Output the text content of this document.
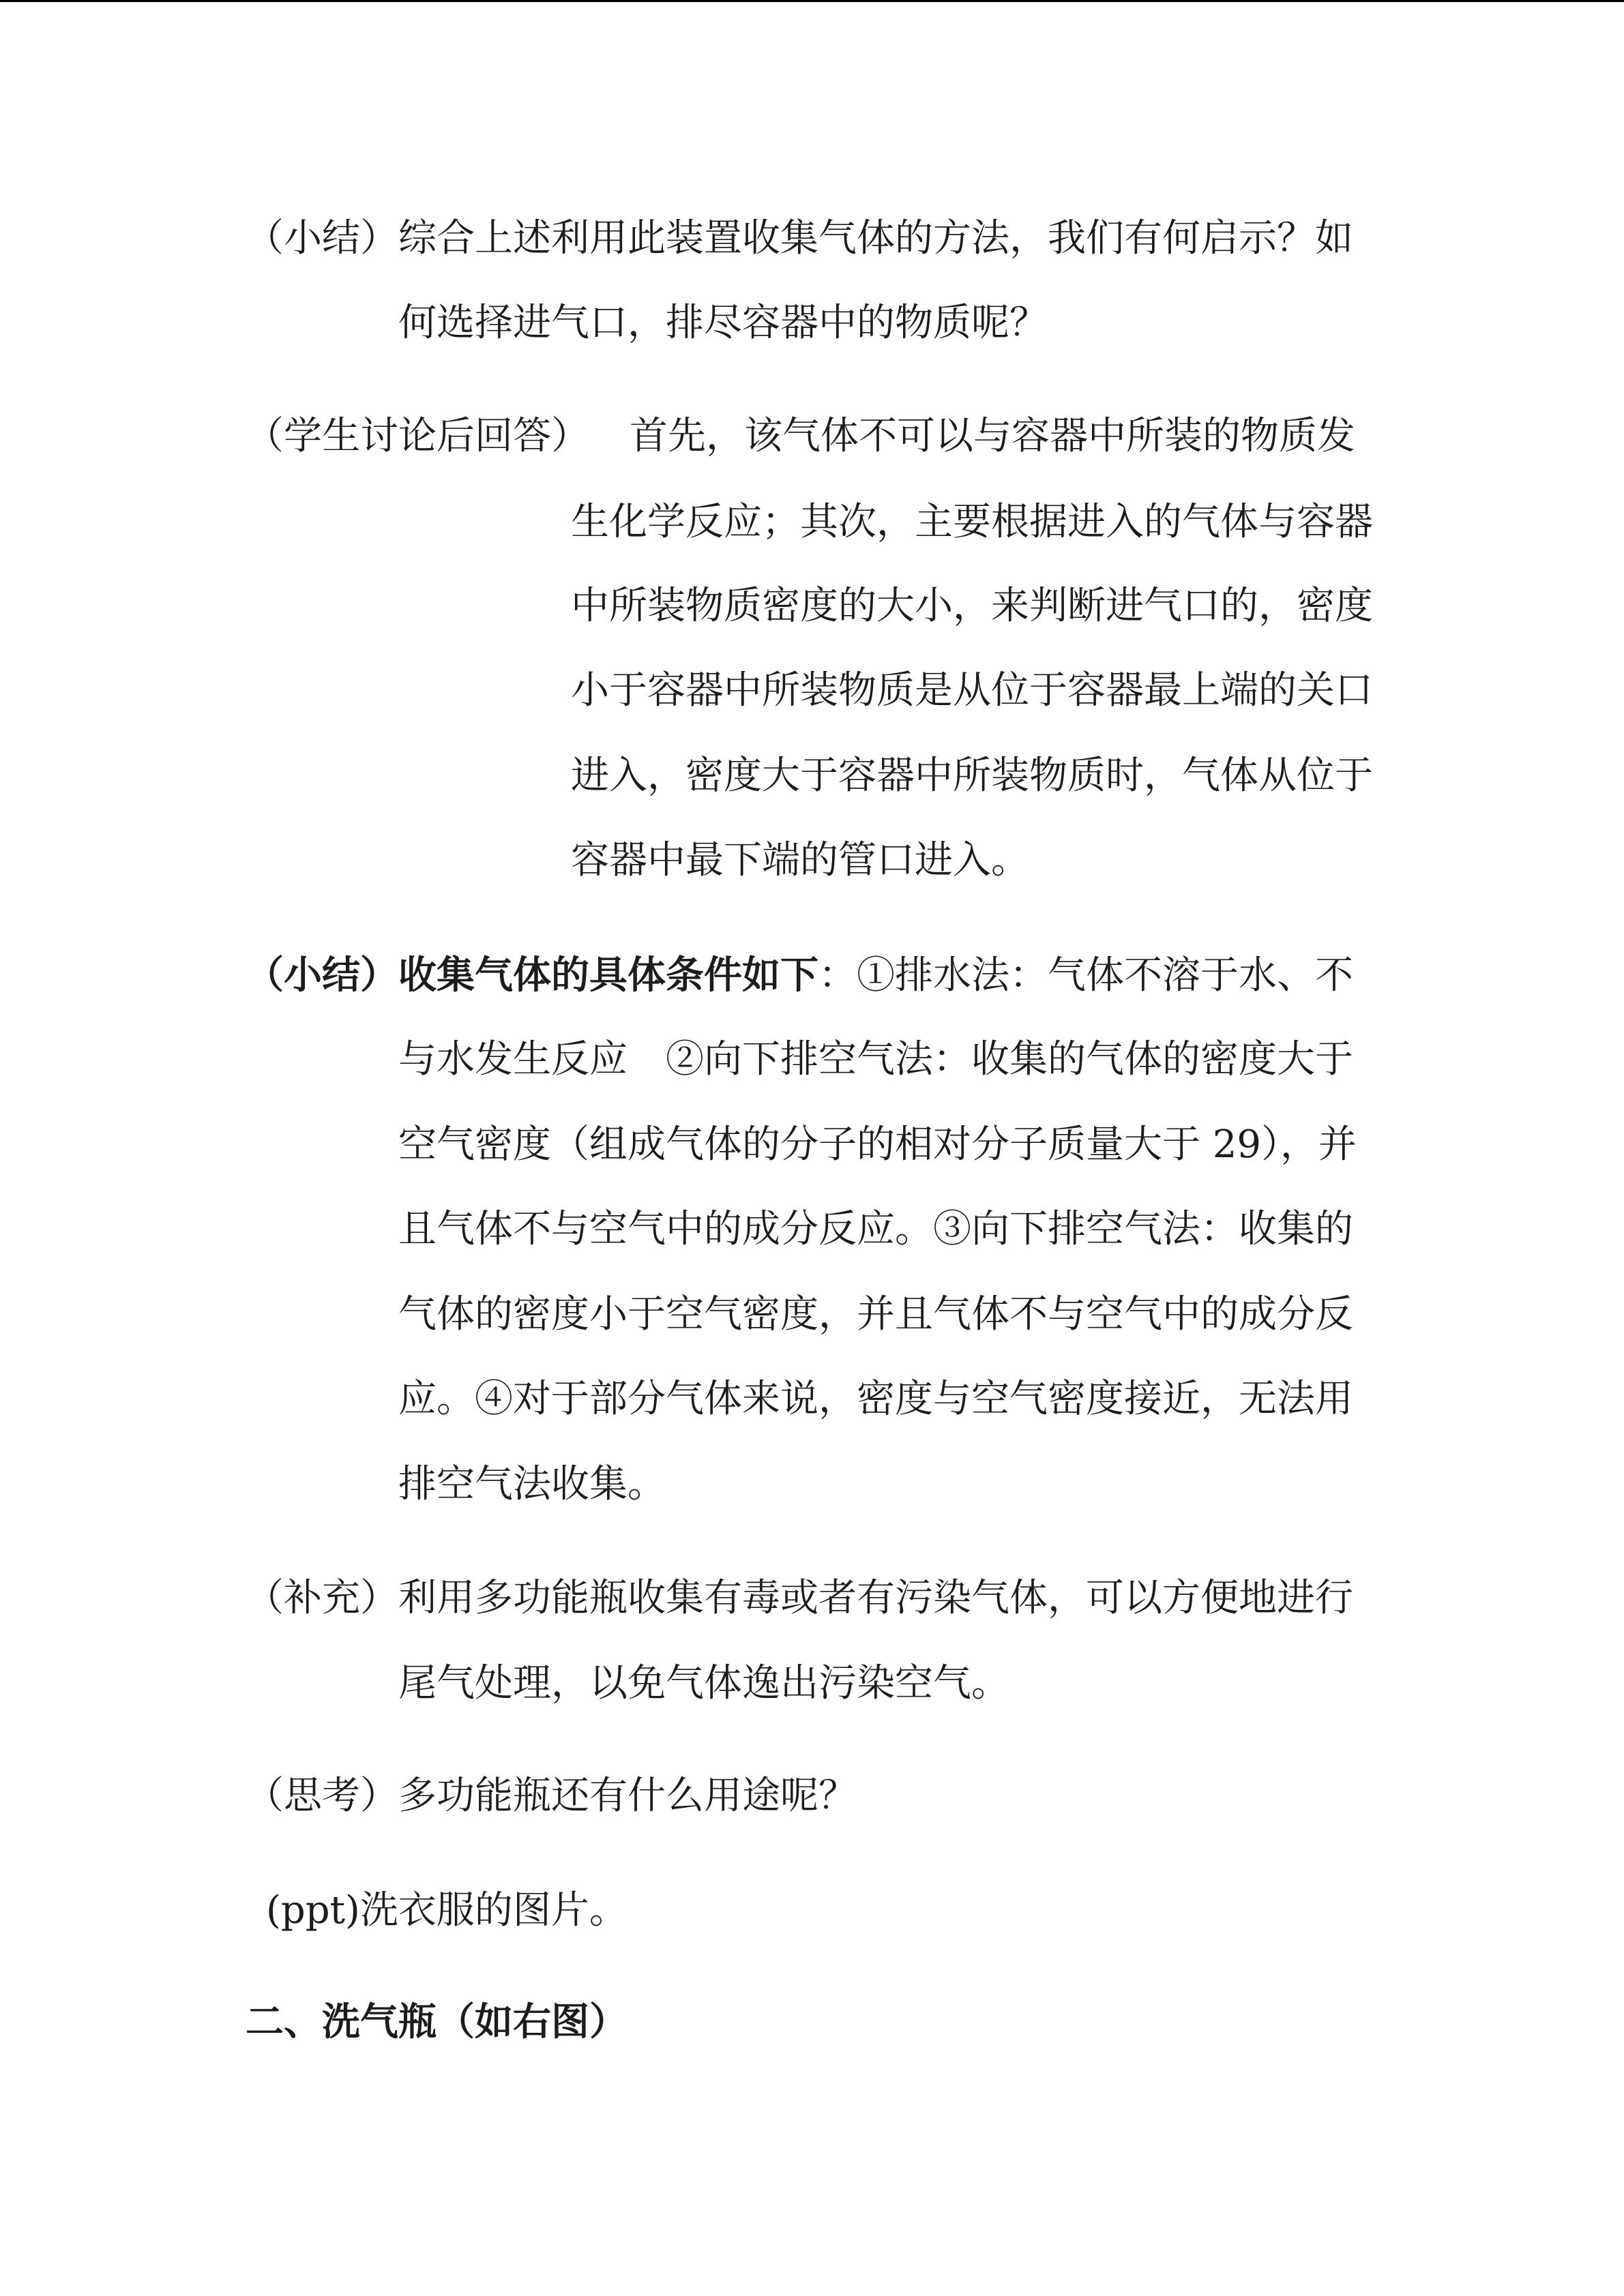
（小结）综合上述利用此装置收集气体的方法，我们有何启示？如
何选择进气口，排尽容器中的物质呢？
（学生讨论后回答） 首先，该气体不可以与容器中所装的物质发
生化学反应；其次，主要根据进入的气体与容器
中所装物质密度的大小，来判断进气口的，密度
小于容器中所装物质是从位于容器最上端的关口
进入，密度大于容器中所装物质时，气体从位于
容器中最下端的管口进入。
（小结）收集气体的具体条件如下：①排水法：气体不溶于水、不
与水发生反应 ②向下排空气法：收集的气体的密度大于
空气密度（组成气体的分子的相对分子质量大于 29），并
且气体不与空气中的成分反应。③向下排空气法：收集的
气体的密度小于空气密度，并且气体不与空气中的成分反
应。④对于部分气体来说，密度与空气密度接近，无法用
排空气法收集。
（补充）利用多功能瓶收集有毒或者有污染气体，可以方便地进行
尾气处理，以免气体逸出污染空气。
（思考）多功能瓶还有什么用途呢？
(ppt)洗衣服的图片。
二、洗气瓶（如右图）
